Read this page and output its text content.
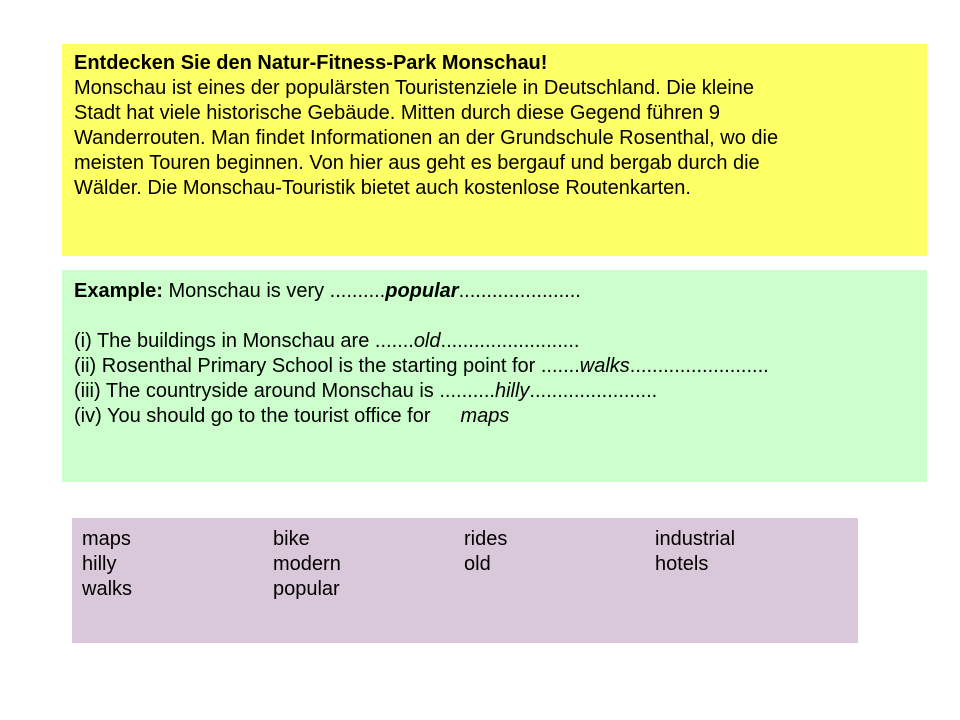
Entdecken Sie den Natur-Fitness-Park Monschau!
Monschau ist eines der populärsten Touristenziele in Deutschland. Die kleine
Stadt hat viele historische Gebäude. Mitten durch diese Gegend führen 9
Wanderrouten. Man findet Informationen an der Grundschule Rosenthal, wo die
meisten Touren beginnen. Von hier aus geht es bergauf und bergab durch die
Wälder. Die Monschau-Touristik bietet auch kostenlose Routenkarten.
Example: Monschau is very ..........popular......................
(i) The buildings in Monschau are .......old.........................
(ii) Rosenthal Primary School is the starting point for .......walks.........................
(iii) The countryside around Monschau is ..........hilly.......................
(iv) You should go to the tourist office for maps
maps	bike	rides	industrial
hilly	modern	old	hotels
walks	popular
